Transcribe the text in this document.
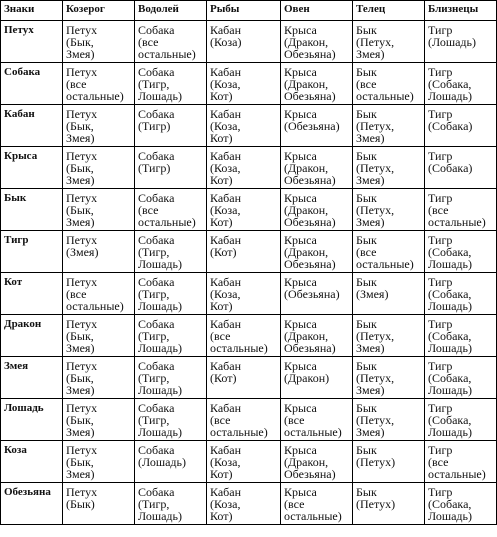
Знаки	Козерог	Водолей	Рыбы	Овен	Телец	Близнецы
Петух	Петух
(Бык,
Змея)	Собака
(все
остальные)	Кабан
(Коза)	Крыса
(Дракон,
Обезьяна)	Бык
(Петух,
Змея)	Тигр
(Лошадь)

Собака	Петух
(все
остальные)	Собака
(Тигр,
Лошадь)	Кабан
(Коза,
Кот)	Крыса
(Дракон,
Обезьяна)	Бык
(все
остальные)	Тигр
(Собака,
Лошадь)

Кабан	Петух
(Бык,
Змея)	Собака
(Тигр)	Кабан
(Коза,
Кот)	Крыса
(Обезьяна)	Бык
(Петух,
Змея)	Тигр
(Собака)

Крыса	Петух
(Бык,
Змея)	Собака
(Тигр)	Кабан
(Коза,
Кот)	Крыса
(Дракон,
Обезьяна)	Бык
(Петух,
Змея)	Тигр
(Собака)

Бык	Петух
(Бык,
Змея)	Собака
(все
остальные)	Кабан
(Коза,
Кот)	Крыса
(Дракон,
Обезьяна)	Бык
(Петух,
Змея)	Тигр
(все
остальные)

Тигр	Петух
(Змея)	Собака
(Тигр,
Лошадь)	Кабан
(Кот)	Крыса
(Дракон,
Обезьяна)	Бык
(все
остальные)	Тигр
(Собака,
Лошадь)

Кот	Петух
(все
остальные)	Собака
(Тигр,
Лошадь)	Кабан
(Коза,
Кот)	Крыса
(Обезьяна)	Бык
(Змея)	Тигр
(Собака,
Лошадь)

Дракон	Петух
(Бык,
Змея)	Собака
(Тигр,
Лошадь)	Кабан
(все
остальные)	Крыса
(Дракон,
Обезьяна)	Бык
(Петух,
Змея)	Тигр
(Собака,
Лошадь)

Змея	Петух
(Бык,
Змея)	Собака
(Тигр,
Лошадь)	Кабан
(Кот)	Крыса
(Дракон)	Бык
(Петух,
Змея)	Тигр
(Собака,
Лошадь)

Лошадь	Петух
(Бык,
Змея)	Собака
(Тигр,
Лошадь)	Кабан
(все
остальные)	Крыса
(все
остальные)	Бык
(Петух,
Змея)	Тигр
(Собака,
Лошадь)

Коза	Петух
(Бык,
Змея)	Собака
(Лошадь)	Кабан
(Коза,
Кот)	Крыса
(Дракон,
Обезьяна)	Бык
(Петух)	Тигр
(все
остальные)

Обезьяна	Петух
(Бык)	Собака
(Тигр,
Лошадь)	Кабан
(Коза,
Кот)	Крыса
(все
остальные)	Бык
(Петух)	Тигр
(Собака,
Лошадь)
